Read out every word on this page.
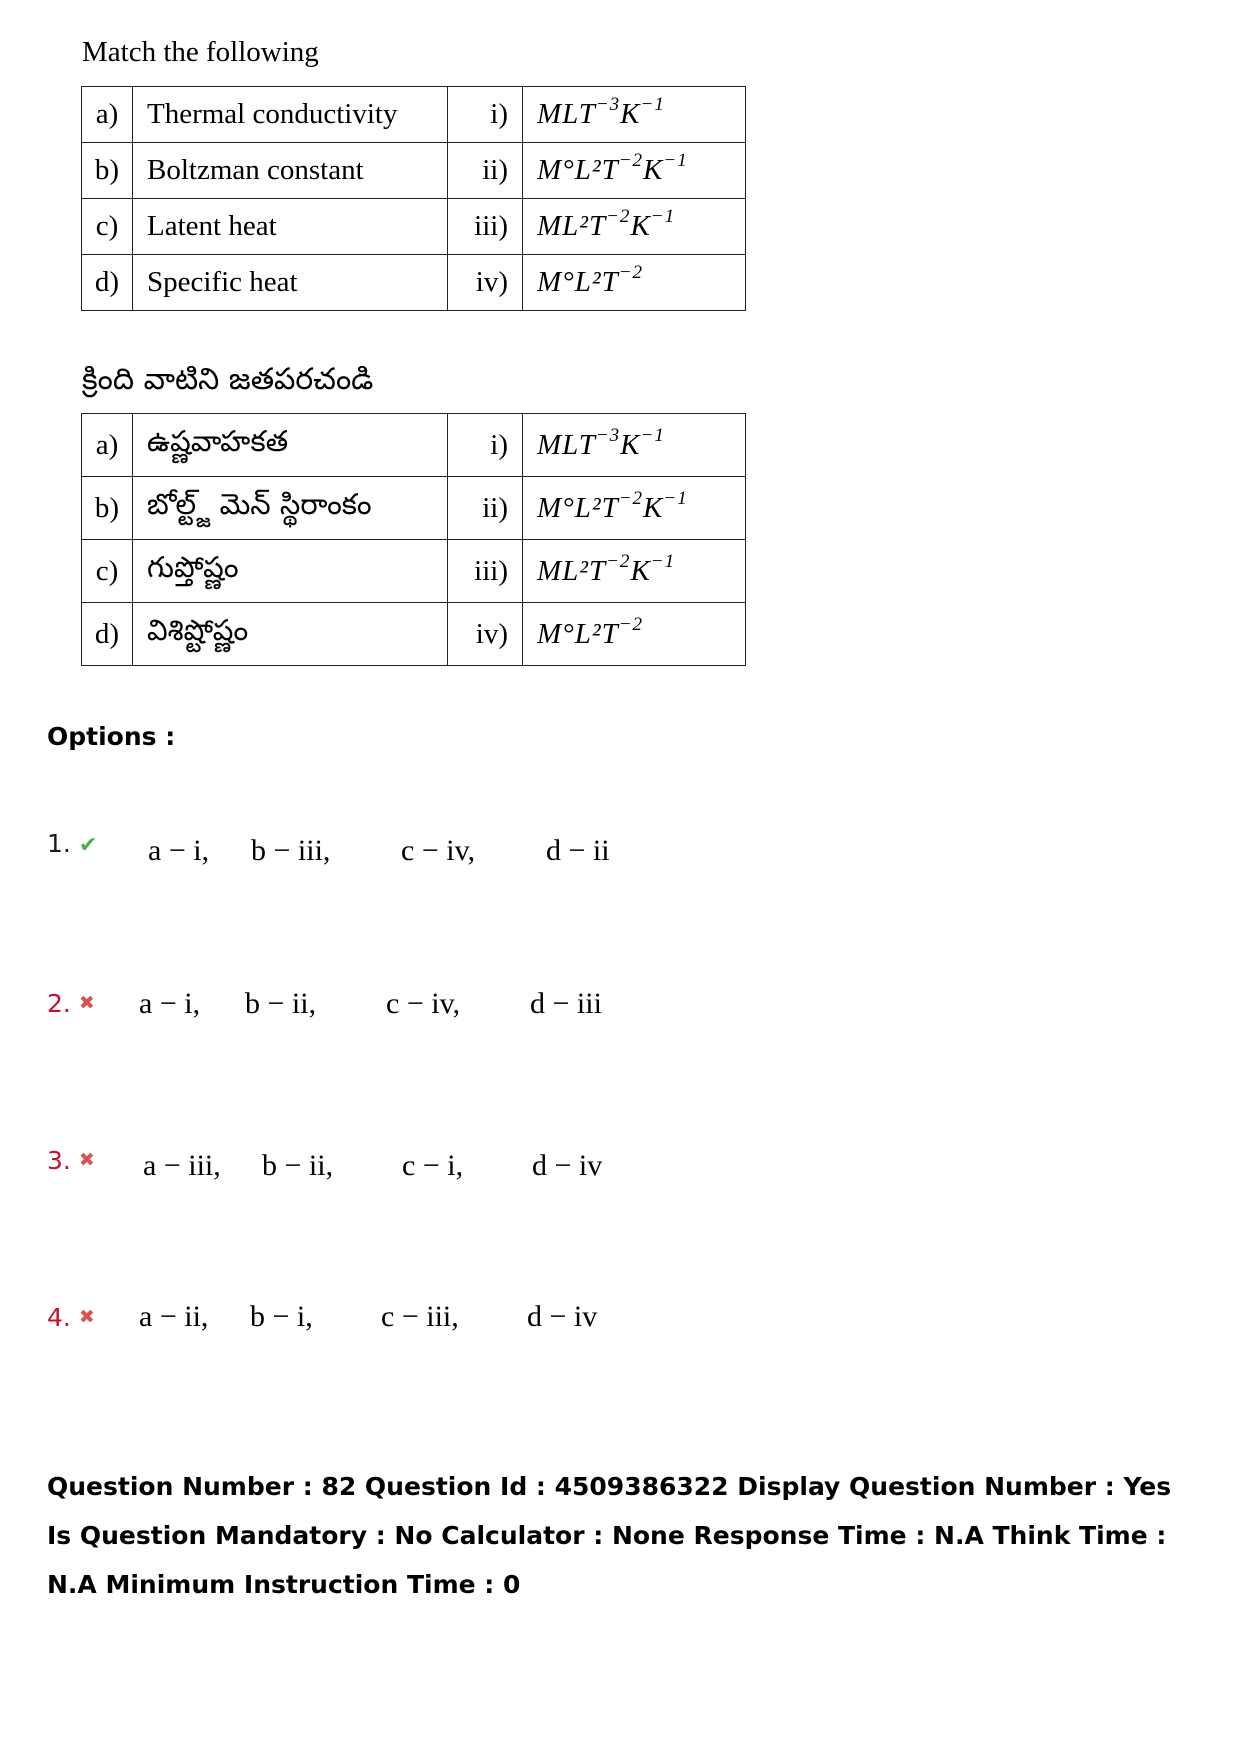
Match the following
a)	Thermal conductivity	i)	$MLT^{-3}K^{-1}$
b)	Boltzman constant	ii)	$M^\circ L^2T^{-2}K^{-1}$
c)	Latent heat	iii)	$ML^2T^{-2}K^{-1}$
d)	Specific heat	iv)	$M^\circ L^2T^{-2}$
క్రింది వాటిని జతపరచండి
a)	ఉష్ణవాహకత	i)	$MLT^{-3}K^{-1}$
b)	బోల్ట్జ్ మెన్ స్థిరాంకం	ii)	$M^\circ L^2T^{-2}K^{-1}$
c)	గుప్తోష్ణం	iii)	$ML^2T^{-2}K^{-1}$
d)	విశిష్టోష్ణం	iv)	$M^\circ L^2T^{-2}$
Options :

a − i, b − iii, c − iv, d − ii

1. ✔

a − i, b − ii, c − iv, d − iii

2. ✖

a − iii, b − ii, c − i, d − iv

3. ✖

a − ii, b − i, c − iii, d − iv

4. ✖
Question Number : 82 Question Id : 4509386322 Display Question Number : Yes Is Question Mandatory : No Calculator : None Response Time : N.A Think Time : N.A Minimum Instruction Time : 0
